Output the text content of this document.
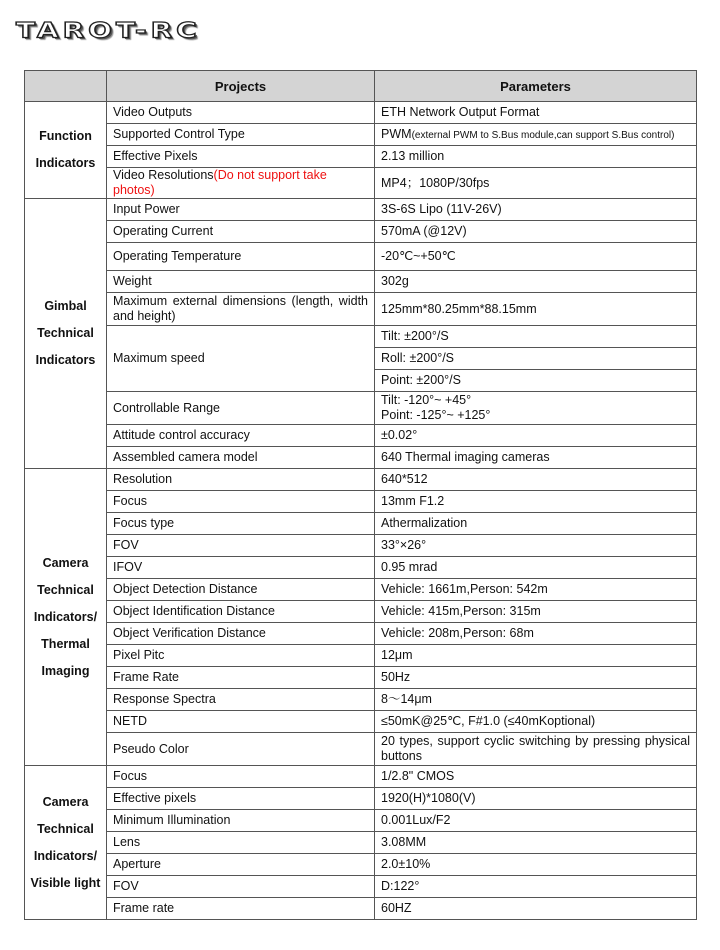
TAROT-RC
	Projects	Parameters
Function Indicators	Video Outputs	ETH Network Output Format
	Supported Control Type	PWM(external PWM to S.Bus module,can support S.Bus control)
	Effective Pixels	2.13 million
	Video Resolutions(Do not support take photos)	MP4；1080P/30fps
Gimbal Technical Indicators	Input Power	3S-6S Lipo (11V-26V)
	Operating Current	570mA (@12V)
	Operating Temperature	-20℃~+50℃
	Weight	302g
	Maximum external dimensions (length, width and height)	125mm*80.25mm*88.15mm
	Maximum speed	Tilt: ±200°/S
		Roll: ±200°/S
		Point: ±200°/S
	Controllable Range	Tilt: -120°~ +45°
Point: -125°~ +125°

	Attitude control accuracy	±0.02°
	Assembled camera model	640 Thermal imaging cameras
Camera Technical Indicators/ Thermal Imaging	Resolution	640*512
	Focus	13mm F1.2
	Focus type	Athermalization
	FOV	33°×26°
	IFOV	0.95 mrad
	Object Detection Distance	Vehicle: 1661m,Person: 542m
	Object Identification Distance	Vehicle: 415m,Person: 315m
	Object Verification Distance	Vehicle: 208m,Person: 68m
	Pixel Pitc	12μm
	Frame Rate	50Hz
	Response Spectra	8～14μm
	NETD	≤50mK@25℃, F#1.0 (≤40mKoptional)
	Pseudo Color	20 types, support cyclic switching by pressing physical buttons
Camera Technical Indicators/ Visible light	Focus	1/2.8" CMOS
	Effective pixels	1920(H)*1080(V)
	Minimum Illumination	0.001Lux/F2
	Lens	3.08MM
	Aperture	2.0±10%
	FOV	D:122°
	Frame rate	60HZ
